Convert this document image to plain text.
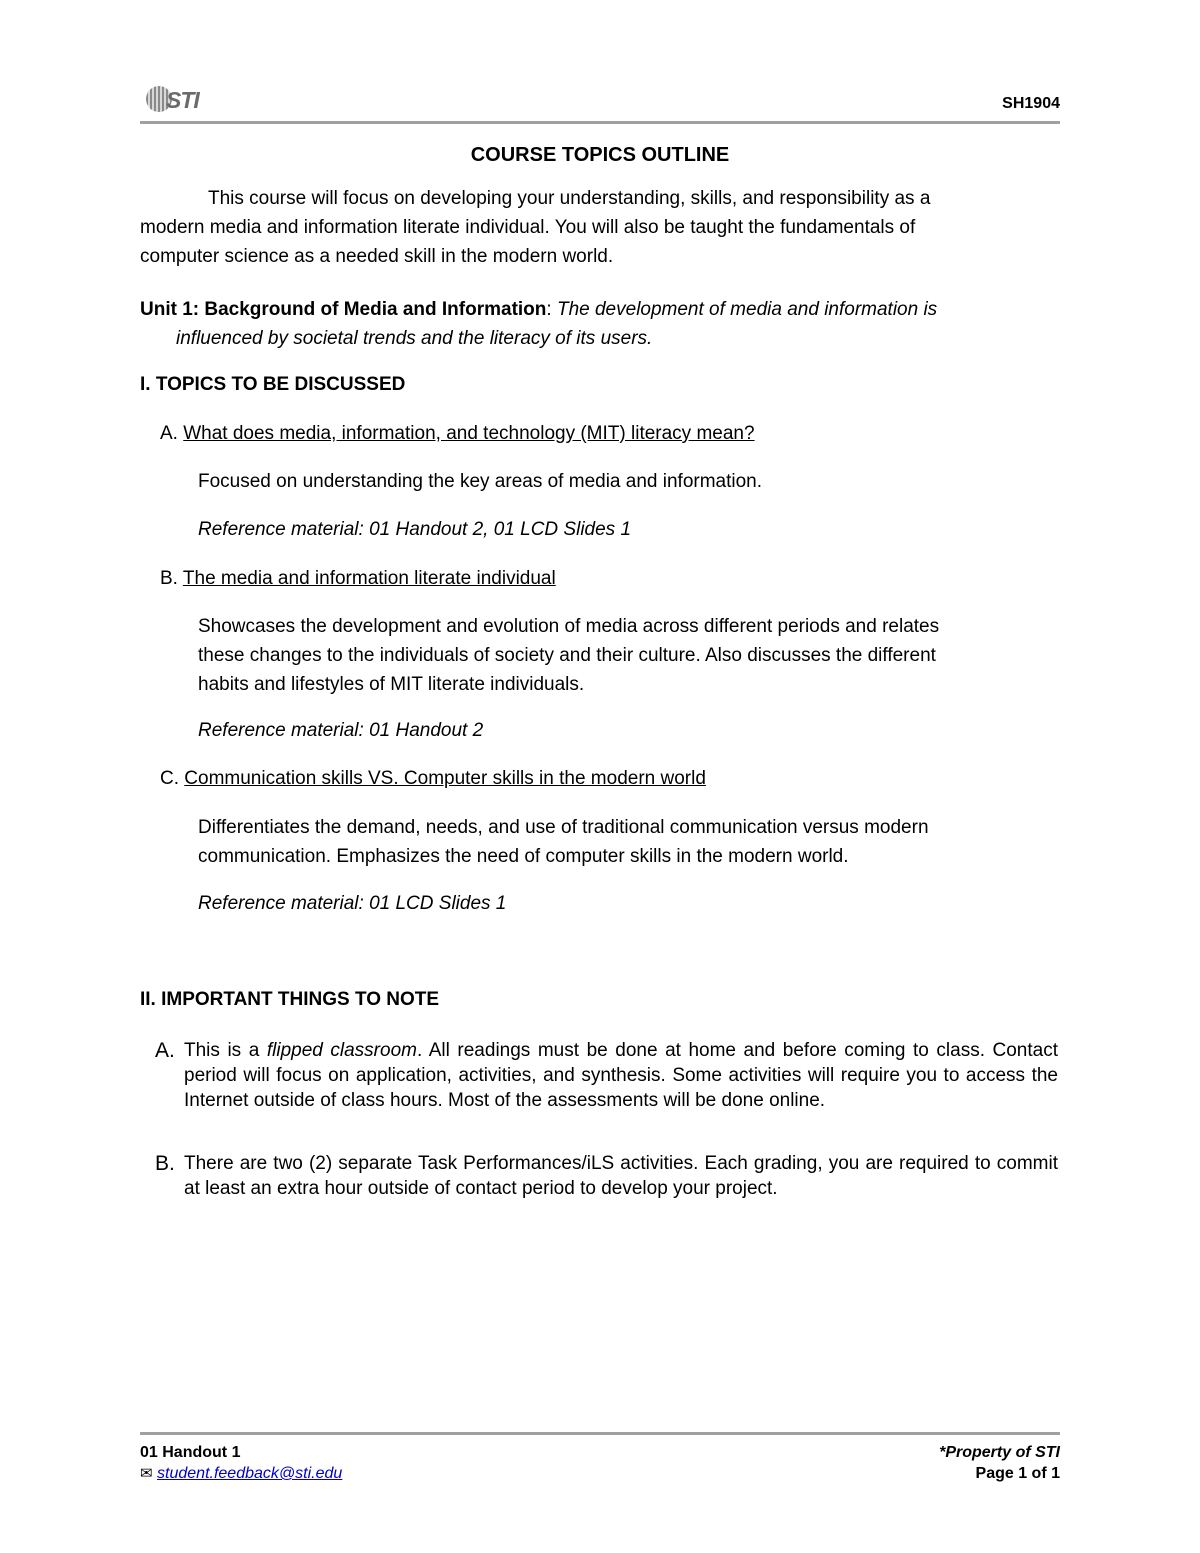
STI	SH1904
COURSE TOPICS OUTLINE
This course will focus on developing your understanding, skills, and responsibility as a
modern media and information literate individual. You will also be taught the fundamentals of
computer science as a needed skill in the modern world.
Unit 1: Background of Media and Information: The development of media and information is
influenced by societal trends and the literacy of its users.
I. TOPICS TO BE DISCUSSED
A. What does media, information, and technology (MIT) literacy mean?
Focused on understanding the key areas of media and information.
Reference material: 01 Handout 2, 01 LCD Slides 1
B. The media and information literate individual
Showcases the development and evolution of media across different periods and relates
these changes to the individuals of society and their culture. Also discusses the different
habits and lifestyles of MIT literate individuals.
Reference material: 01 Handout 2
C. Communication skills VS. Computer skills in the modern world
Differentiates the demand, needs, and use of traditional communication versus modern
communication. Emphasizes the need of computer skills in the modern world.
Reference material: 01 LCD Slides 1
II. IMPORTANT THINGS TO NOTE
A. This is a flipped classroom. All readings must be done at home and before coming to class. Contact period will focus on application, activities, and synthesis. Some activities will require you to access the Internet outside of class hours. Most of the assessments will be done online.
B. There are two (2) separate Task Performances/iLS activities. Each grading, you are required to commit at least an extra hour outside of contact period to develop your project.
01 Handout 1
✉ student.feedback@sti.edu
*Property of STI
Page 1 of 1
